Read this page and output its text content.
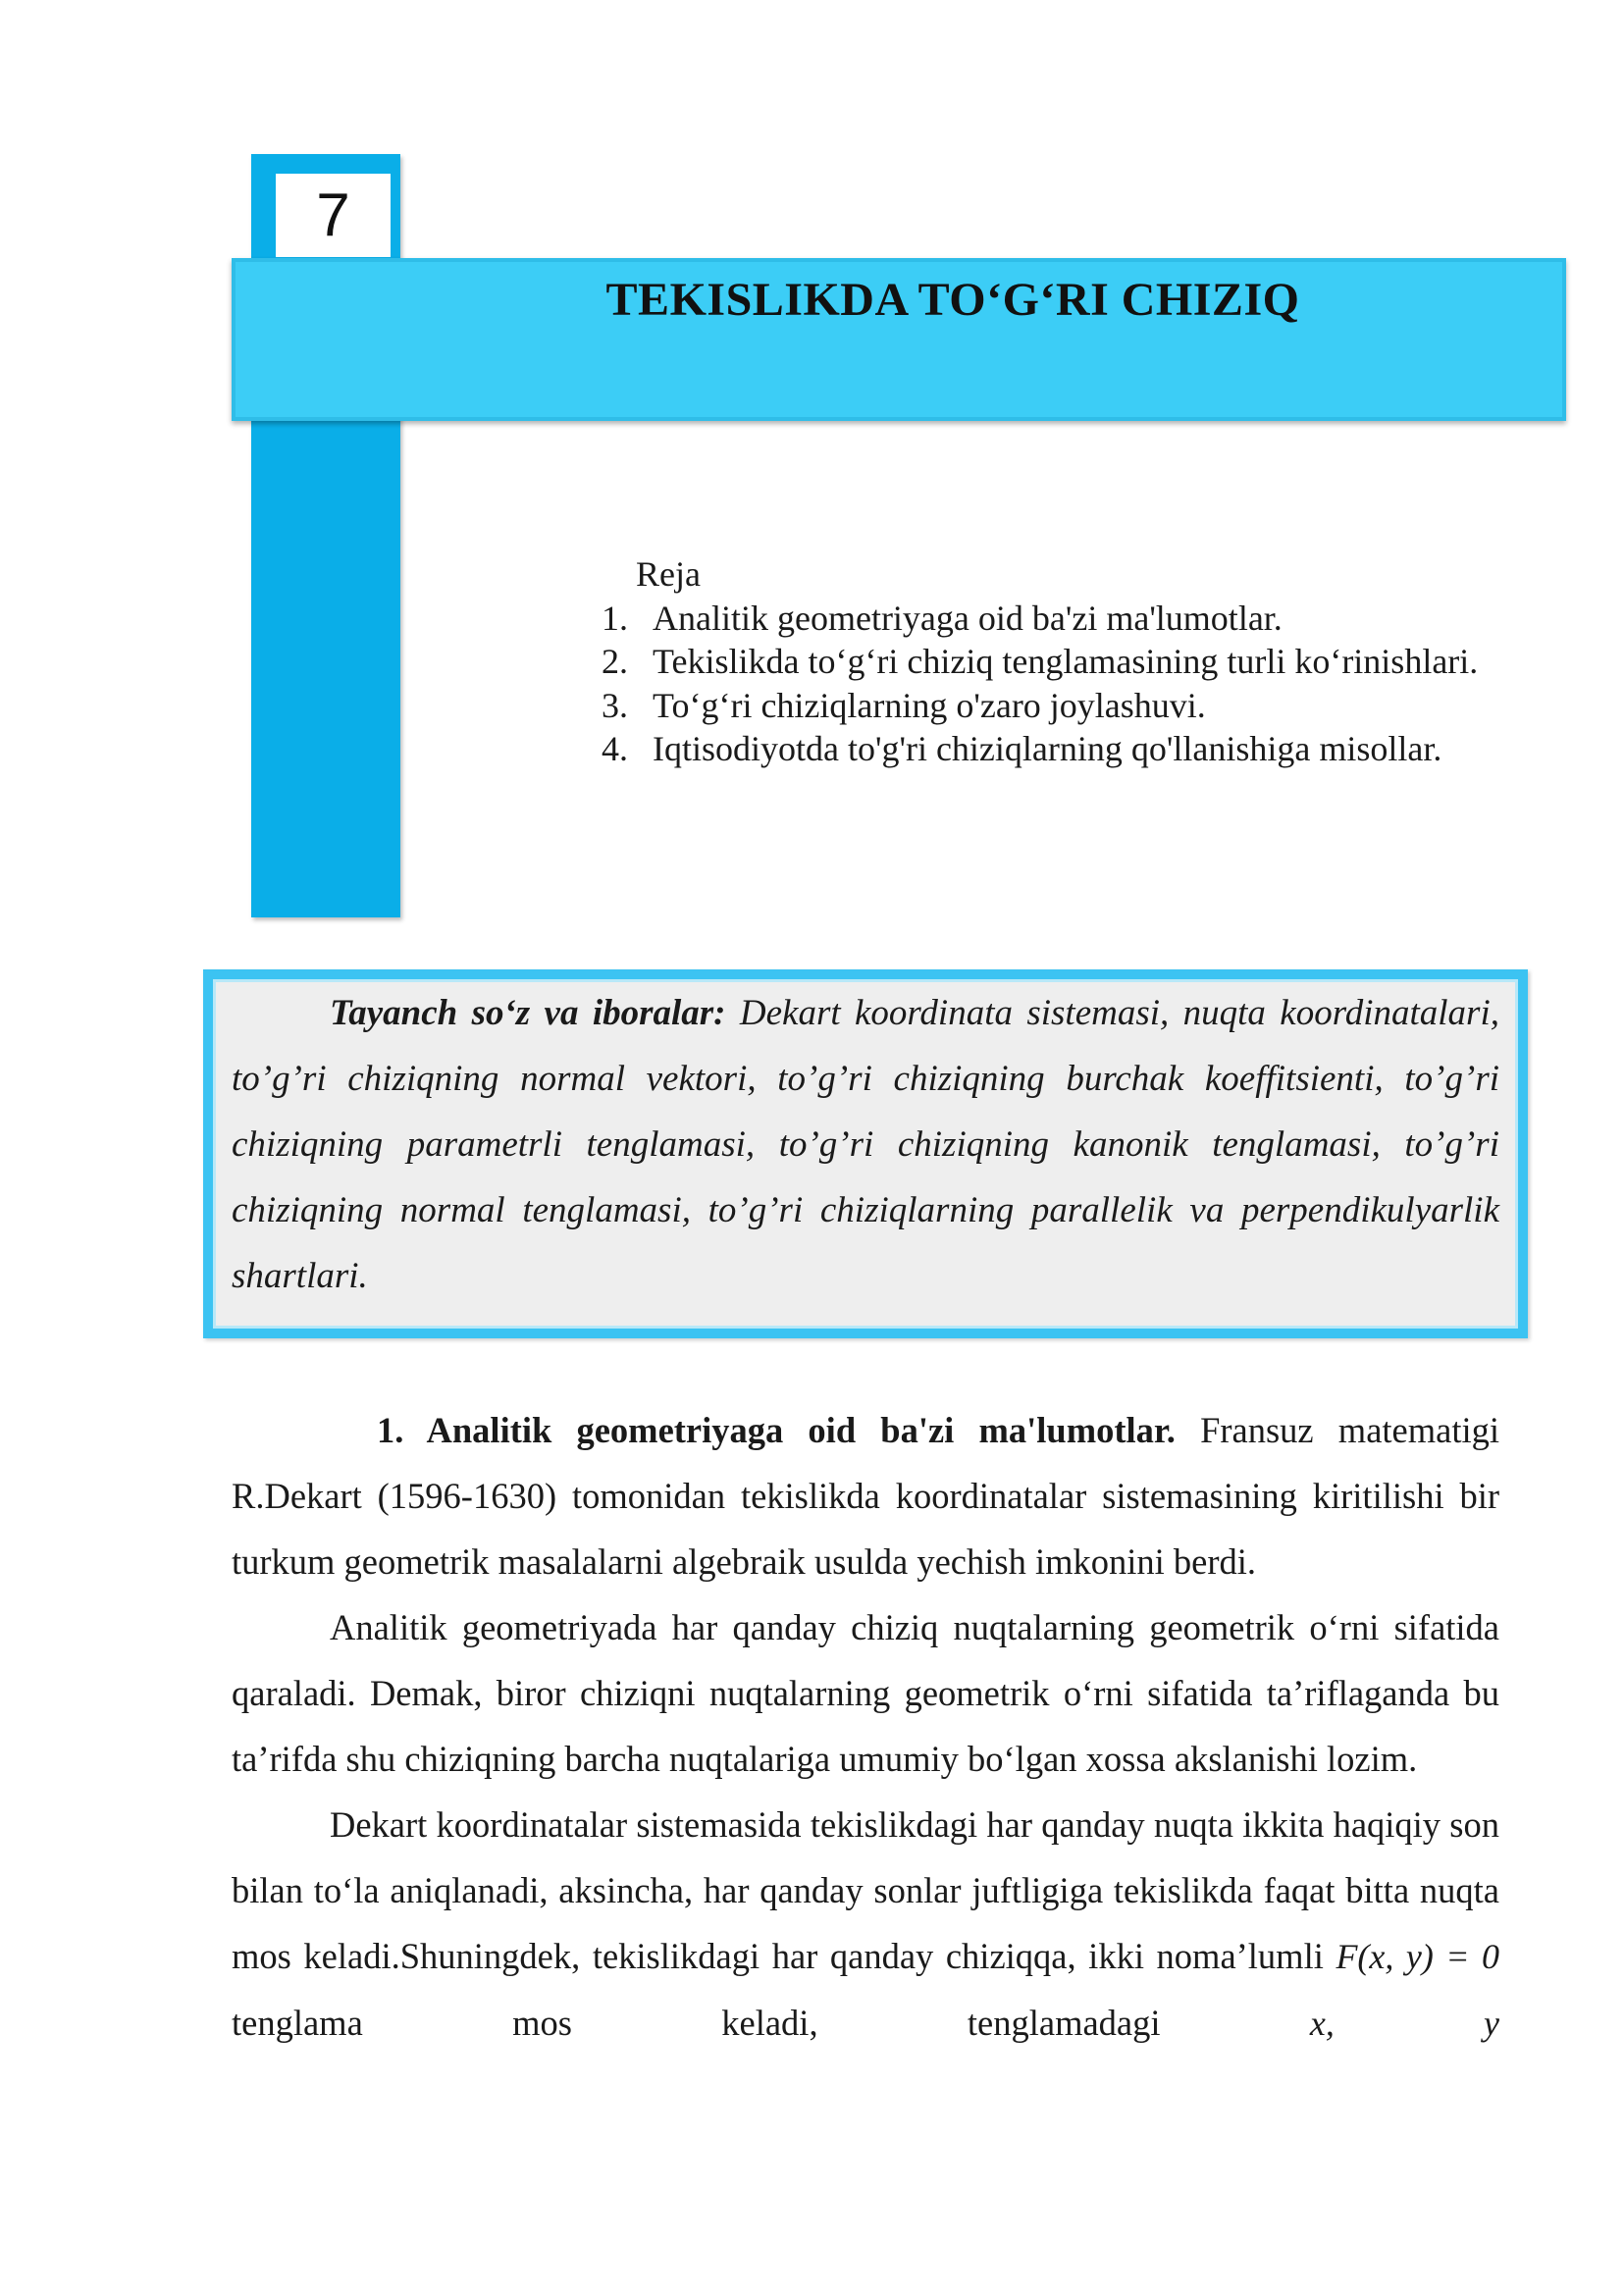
7
TEKISLIKDA TO‘G‘RI CHIZIQ
Reja
1. Analitik geometriyaga oid ba'zi ma'lumotlar.
2. Tekislikda to‘g‘ri chiziq tenglamasining turli ko‘rinishlari.
3. To‘g‘ri chiziqlarning o'zaro joylashuvi.
4. Iqtisodiyotda to'g'ri chiziqlarning qo'llanishiga misollar.
Tayanch so‘z va iboralar: Dekart koordinata sistemasi, nuqta koordinatalari, to’g’ri chiziqning normal vektori, to’g’ri chiziqning burchak koeffitsienti, to’g’ri chiziqning parametrli tenglamasi, to’g’ri chiziqning kanonik tenglamasi, to’g’ri chiziqning normal tenglamasi, to’g’ri chiziqlarning parallelik va perpendikulyarlik shartlari.

1. Analitik geometriyaga oid ba'zi ma'lumotlar. Fransuz matematigi R.Dekart (1596-1630) tomonidan tekislikda koordinatalar sistemasining kiritilishi bir turkum geometrik masalalarni algebraik usulda yechish imkonini berdi.

Analitik geometriyada har qanday chiziq nuqtalarning geometrik o‘rni sifatida qaraladi. Demak, biror chiziqni nuqtalarning geometrik o‘rni sifatida ta’riflaganda bu ta’rifda shu chiziqning barcha nuqtalariga umumiy bo‘lgan xossa akslanishi lozim.

Dekart koordinatalar sistemasida tekislikdagi har qanday nuqta ikkita haqiqiy son bilan to‘la aniqlanadi, aksincha, har qanday sonlar juftligiga tekislikda faqat bitta nuqta mos keladi.Shuningdek, tekislikdagi har qanday chiziqqa, ikki noma’lumli F(x, y) = 0 tenglama mos keladi, tenglamadagi	x, y
